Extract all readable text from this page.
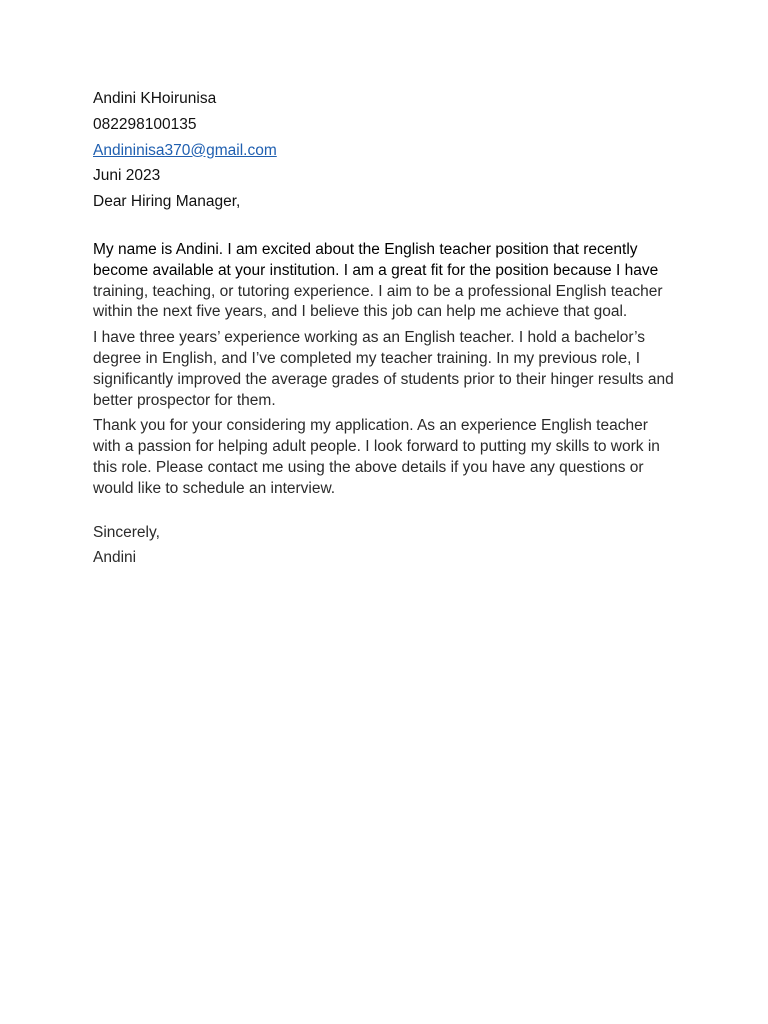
Andini KHoirunisa
082298100135
Andininisa370@gmail.com
Juni 2023
Dear Hiring Manager,
My name is Andini. I am excited about the English teacher position that recently become available at your institution. I am a great fit for the position because I have training, teaching, or tutoring experience. I aim to be a professional English teacher within the next five years, and I believe this job can help me achieve that goal.
I have three years’ experience working as an English teacher. I hold a bachelor’s degree in English, and I’ve completed my teacher training. In my previous role, I significantly improved the average grades of students prior to their hinger results and better prospector for them.
Thank you for your considering my application. As an experience English teacher with a passion for helping adult people. I look forward to putting my skills to work in this role. Please contact me using the above details if you have any questions or would like to schedule an interview.
Sincerely,
Andini
